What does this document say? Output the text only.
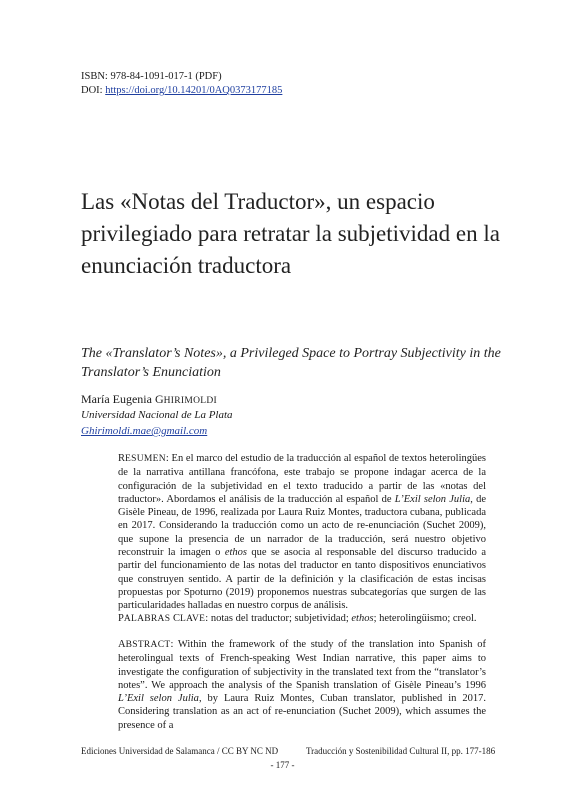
ISBN: 978-84-1091-017-1 (PDF)
DOI: https://doi.org/10.14201/0AQ0373177185
Las «Notas del Traductor», un espacio privilegiado para retratar la subjetividad en la enunciación traductora

The «Translator’s Notes», a Privileged Space to Portray Subjectivity in the Translator’s Enunciation

María Eugenia GHIRIMOLDI
Universidad Nacional de La Plata
Ghirimoldi.mae@gmail.com

RESUMEN: En el marco del estudio de la traducción al español de textos heterolingües de la narrativa antillana francófona, este trabajo se propone indagar acerca de la configuración de la subjetividad en el texto traducido a partir de las «notas del traductor». Abordamos el análisis de la traducción al español de L’Exil selon Julia, de Gisèle Pineau, de 1996, realizada por Laura Ruiz Montes, traductora cubana, publicada en 2017. Considerando la traducción como un acto de re-enunciación (Suchet 2009), que supone la presencia de un narrador de la traducción, será nuestro objetivo reconstruir la imagen o ethos que se asocia al responsable del discurso traducido a partir del funcionamiento de las notas del traductor en tanto dispositivos enunciativos que construyen sentido. A partir de la definición y la clasificación de estas incisas propuestas por Spoturno (2019) proponemos nuestras subcategorías que surgen de las particularidades halladas en nuestro corpus de análisis.

PALABRAS CLAVE: notas del traductor; subjetividad; ethos; heterolingüismo; creol.

ABSTRACT: Within the framework of the study of the translation into Spanish of heterolingual texts of French-speaking West Indian narrative, this paper aims to investigate the configuration of subjectivity in the translated text from the “translator’s notes”. We approach the analysis of the Spanish translation of Gisèle Pineau’s 1996 L’Exil selon Julia, by Laura Ruiz Montes, Cuban translator, published in 2017. Considering translation as an act of re-enunciation (Suchet 2009), which assumes the presence of a

Ediciones Universidad de Salamanca / CC BY NC ND	Traducción y Sostenibilidad Cultural II, pp. 177-186
- 177 -
